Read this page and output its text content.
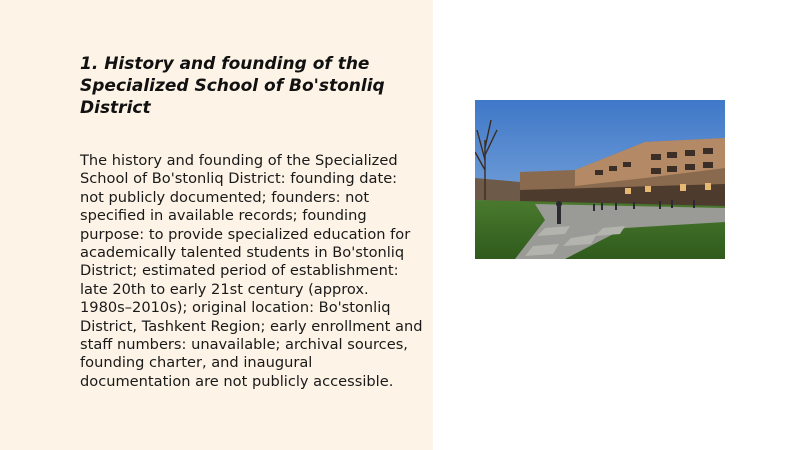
1. History and founding of the Specialized School of Bo'stonliq District

The history and founding of the Specialized School of Bo'stonliq District: founding date: not publicly documented; founders: not specified in available records; founding purpose: to provide specialized education for academically talented students in Bo'stonliq District; estimated period of establishment: late 20th to early 21st century (approx. 1980s–2010s); original location: Bo'stonliq District, Tashkent Region; early enrollment and staff numbers: unavailable; archival sources, founding charter, and inaugural documentation are not publicly accessible.
